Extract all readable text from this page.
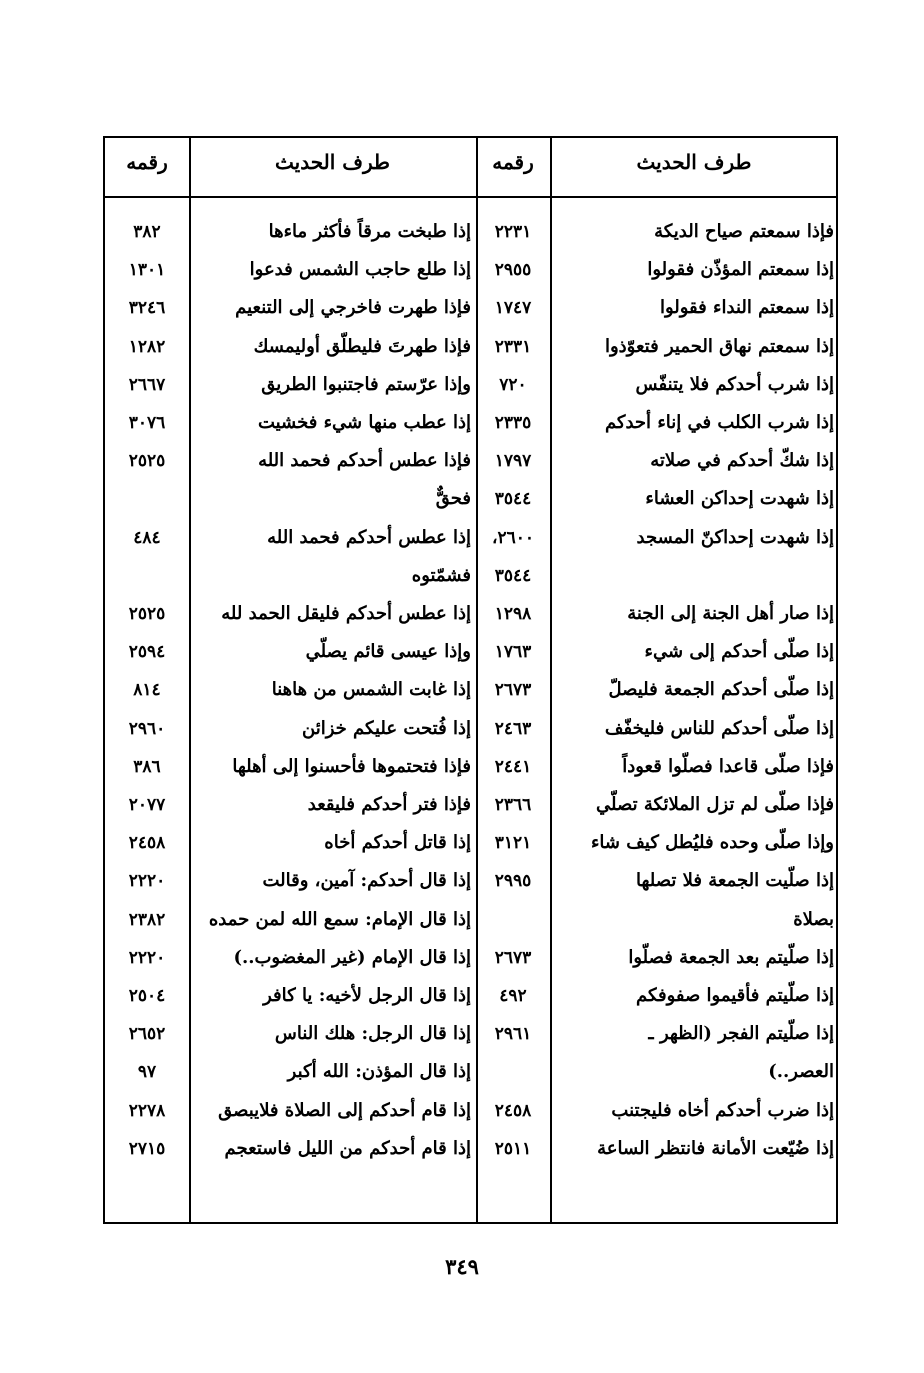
طرف الحديث
رقمه
طرف الحديث
رقمه
فإذا سمعتم صياح الديكة
٢٢٣١
إذا سمعتم المؤذّن فقولوا
٢٩٥٥
إذا سمعتم النداء فقولوا
١٧٤٧
إذا سمعتم نهاق الحمير فتعوّذوا
٢٣٣١
إذا شرب أحدكم فلا يتنفّس
٧٢٠
إذا شرب الكلب في إناء أحدكم
٢٣٣٥
إذا شكّ أحدكم في صلاته
١٧٩٧
إذا شهدت إحداكن العشاء
٣٥٤٤
إذا شهدت إحداكنّ المسجد
٢٦٠٠،
٣٥٤٤
إذا صار أهل الجنة إلى الجنة
١٢٩٨
إذا صلّى أحدكم إلى شيء
١٧٦٣
إذا صلّى أحدكم الجمعة فليصلّ
٢٦٧٣
إذا صلّى أحدكم للناس فليخفّف
٢٤٦٣
فإذا صلّى قاعدا فصلّوا قعوداً
٢٤٤١
فإذا صلّى لم تزل الملائكة تصلّي
٢٣٦٦
وإذا صلّى وحده فليُطل كيف شاء
٣١٢١
إذا صلّيت الجمعة فلا تصلها
٢٩٩٥
بصلاة
إذا صلّيتم بعد الجمعة فصلّوا
٢٦٧٣
إذا صلّيتم فأقيموا صفوفكم
٤٩٢
إذا صلّيتم الفجر (الظهر ـ
٢٩٦١
العصر..)
إذا ضرب أحدكم أخاه فليجتنب
٢٤٥٨
إذا ضُيّعت الأمانة فانتظر الساعة
٢٥١١
إذا طبخت مرقاً فأكثر ماءها
٣٨٢
إذا طلع حاجب الشمس فدعوا
١٣٠١
فإذا طهرت فاخرجي إلى التنعيم
٣٢٤٦
فإذا طهرتَ فليطلّق أوليمسك
١٢٨٢
وإذا عرّستم فاجتنبوا الطريق
٢٦٦٧
إذا عطب منها شيء فخشيت
٣٠٧٦
فإذا عطس أحدكم فحمد الله
٢٥٢٥
فحقٌّ
إذا عطس أحدكم فحمد الله
٤٨٤
فشمّتوه
إذا عطس أحدكم فليقل الحمد لله
٢٥٢٥
وإذا عيسى قائم يصلّي
٢٥٩٤
إذا غابت الشمس من هاهنا
٨١٤
إذا فُتحت عليكم خزائن
٢٩٦٠
فإذا فتحتموها فأحسنوا إلى أهلها
٣٨٦
فإذا فتر أحدكم فليقعد
٢٠٧٧
إذا قاتل أحدكم أخاه
٢٤٥٨
إذا قال أحدكم: آمين، وقالت
٢٢٢٠
إذا قال الإمام: سمع الله لمن حمده
٢٣٨٢
إذا قال الإمام (غير المغضوب..)
٢٢٢٠
إذا قال الرجل لأخيه: يا كافر
٢٥٠٤
إذا قال الرجل: هلك الناس
٢٦٥٢
إذا قال المؤذن: الله أكبر
٩٧
إذا قام أحدكم إلى الصلاة فلايبصق
٢٢٧٨
إذا قام أحدكم من الليل فاستعجم
٢٧١٥
٣٤٩
